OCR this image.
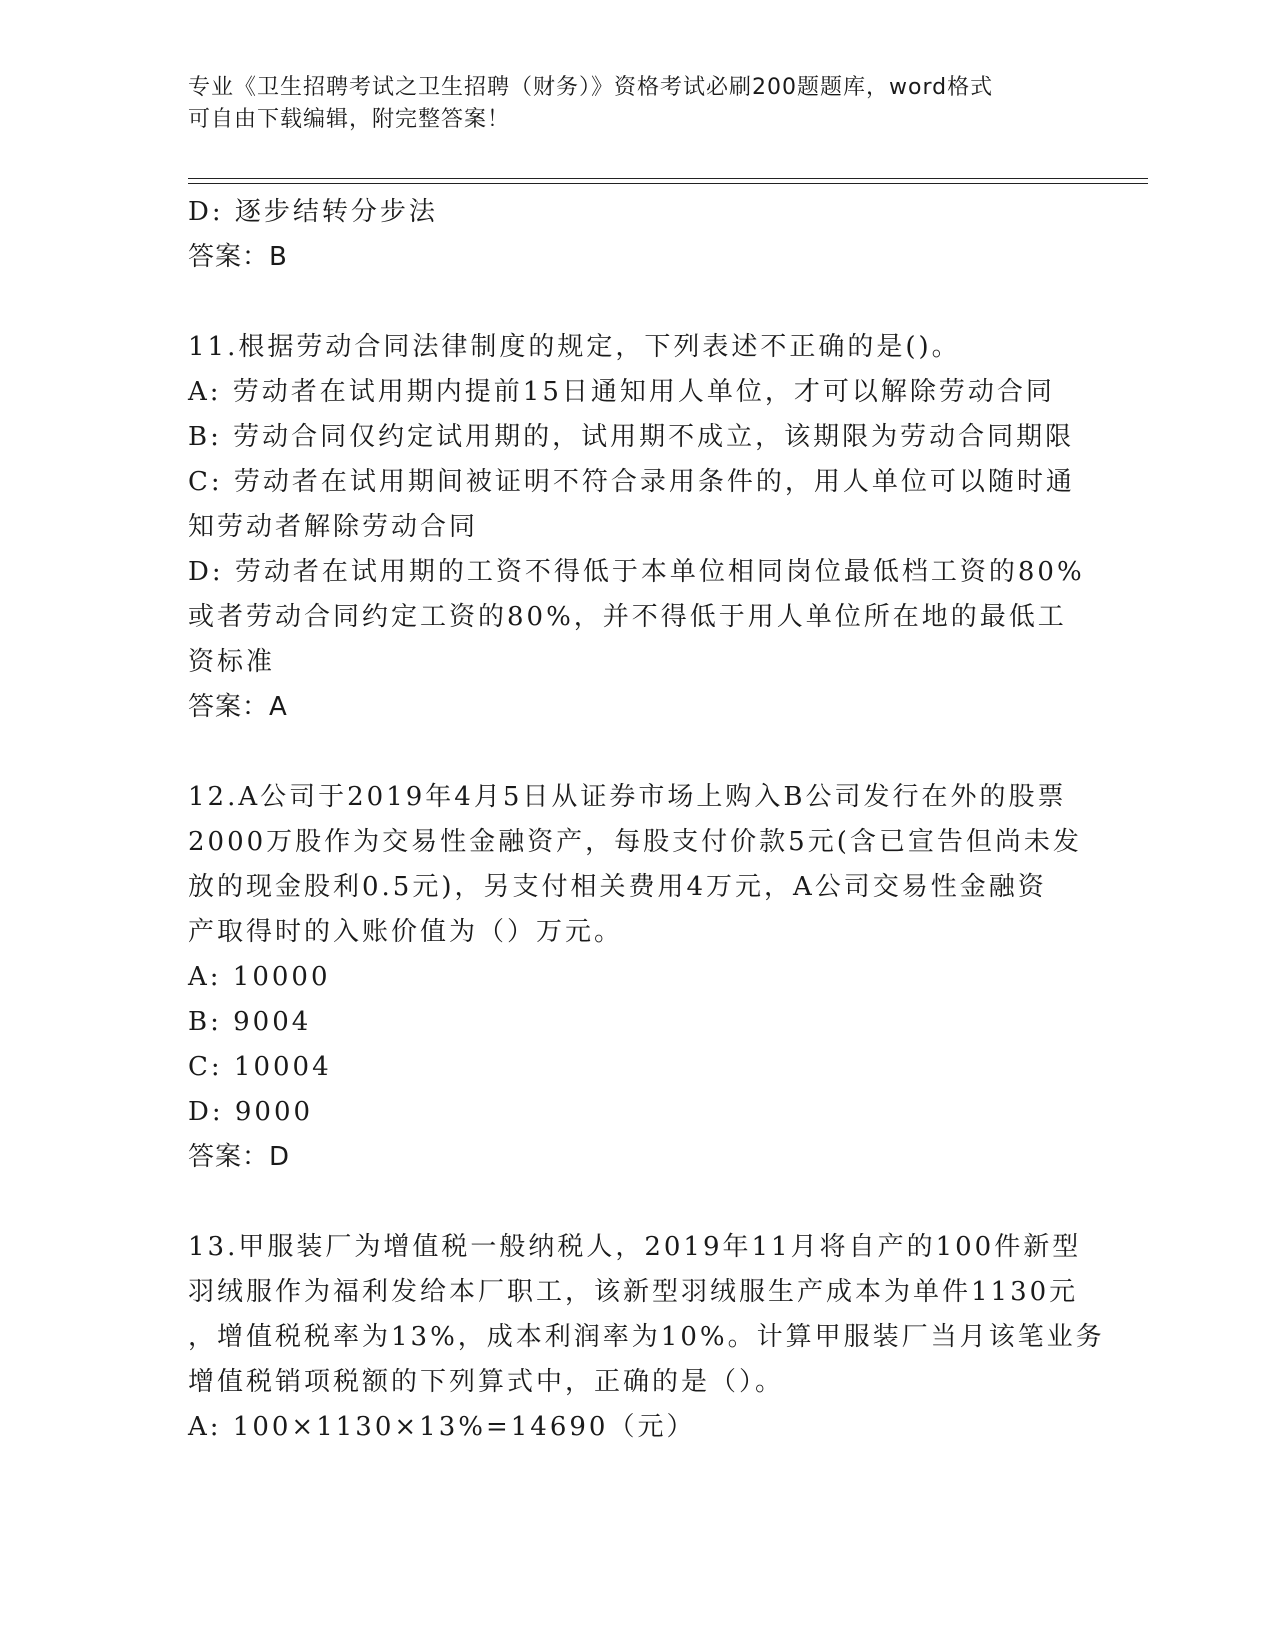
专业《卫生招聘考试之卫生招聘（财务）》资格考试必刷200题题库，word格式
可自由下载编辑，附完整答案！
D: 逐步结转分步法
答案：B
11.根据劳动合同法律制度的规定，下列表述不正确的是()。
A: 劳动者在试用期内提前15日通知用人单位，才可以解除劳动合同
B: 劳动合同仅约定试用期的，试用期不成立，该期限为劳动合同期限
C: 劳动者在试用期间被证明不符合录用条件的，用人单位可以随时通
知劳动者解除劳动合同
D: 劳动者在试用期的工资不得低于本单位相同岗位最低档工资的80%
或者劳动合同约定工资的80%，并不得低于用人单位所在地的最低工
资标准
答案：A
12.A公司于2019年4月5日从证券市场上购入B公司发行在外的股票
2000万股作为交易性金融资产，每股支付价款5元(含已宣告但尚未发
放的现金股利0.5元)，另支付相关费用4万元，A公司交易性金融资
产取得时的入账价值为（）万元。
A: 10000
B: 9004
C: 10004
D: 9000
答案：D
13.甲服装厂为增值税一般纳税人，2019年11月将自产的100件新型
羽绒服作为福利发给本厂职工，该新型羽绒服生产成本为单件1130元
，增值税税率为13%，成本利润率为10%。计算甲服装厂当月该笔业务
增值税销项税额的下列算式中，正确的是（）。
A: 100×1130×13%=14690（元）
